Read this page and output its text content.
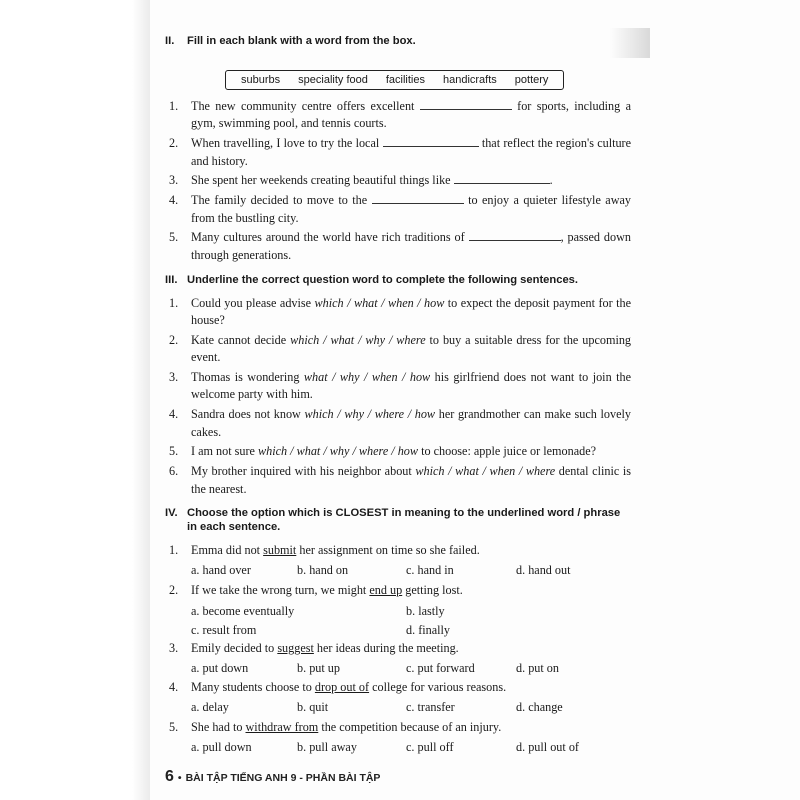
II.	Fill in each blank with a word from the box.
suburbs	speciality food	facilities	handicrafts	pottery
1.	The new community centre offers excellent	for sports, including a gym, swimming pool, and tennis courts.
2.	When travelling, I love to try the local	that reflect the region's culture and history.
3.	She spent her weekends creating beautiful things like	.
4.	The family decided to move to the	to enjoy a quieter lifestyle away from the bustling city.
5.	Many cultures around the world have rich traditions of	, passed down through generations.
III. Underline the correct question word to complete the following sentences.
1.	Could you please advise which / what / when / how to expect the deposit payment for the house?
2.	Kate cannot decide which / what / why / where to buy a suitable dress for the upcoming event.
3.	Thomas is wondering what / why / when / how his girlfriend does not want to join the welcome party with him.
4.	Sandra does not know which / why / where / how her grandmother can make such lovely cakes.
5.	I am not sure which / what / why / where / how to choose: apple juice or lemonade?
6.	My brother inquired with his neighbor about which / what / when / where dental clinic is the nearest.
IV. Choose the option which is CLOSEST in meaning to the underlined word / phrase in each sentence.
1.	Emma did not submit her assignment on time so she failed.
a. hand over	b. hand on	c. hand in	d. hand out
2.	If we take the wrong turn, we might end up getting lost.
a. become eventually	b. lastly
c. result from	d. finally
3.	Emily decided to suggest her ideas during the meeting.
a. put down	b. put up	c. put forward	d. put on
4.	Many students choose to drop out of college for various reasons.
a. delay	b. quit	c. transfer	d. change
5.	She had to withdraw from the competition because of an injury.
a. pull down	b. pull away	c. pull off	d. pull out of
6 • BÀI TẬP TIẾNG ANH 9 - PHẦN BÀI TẬP
